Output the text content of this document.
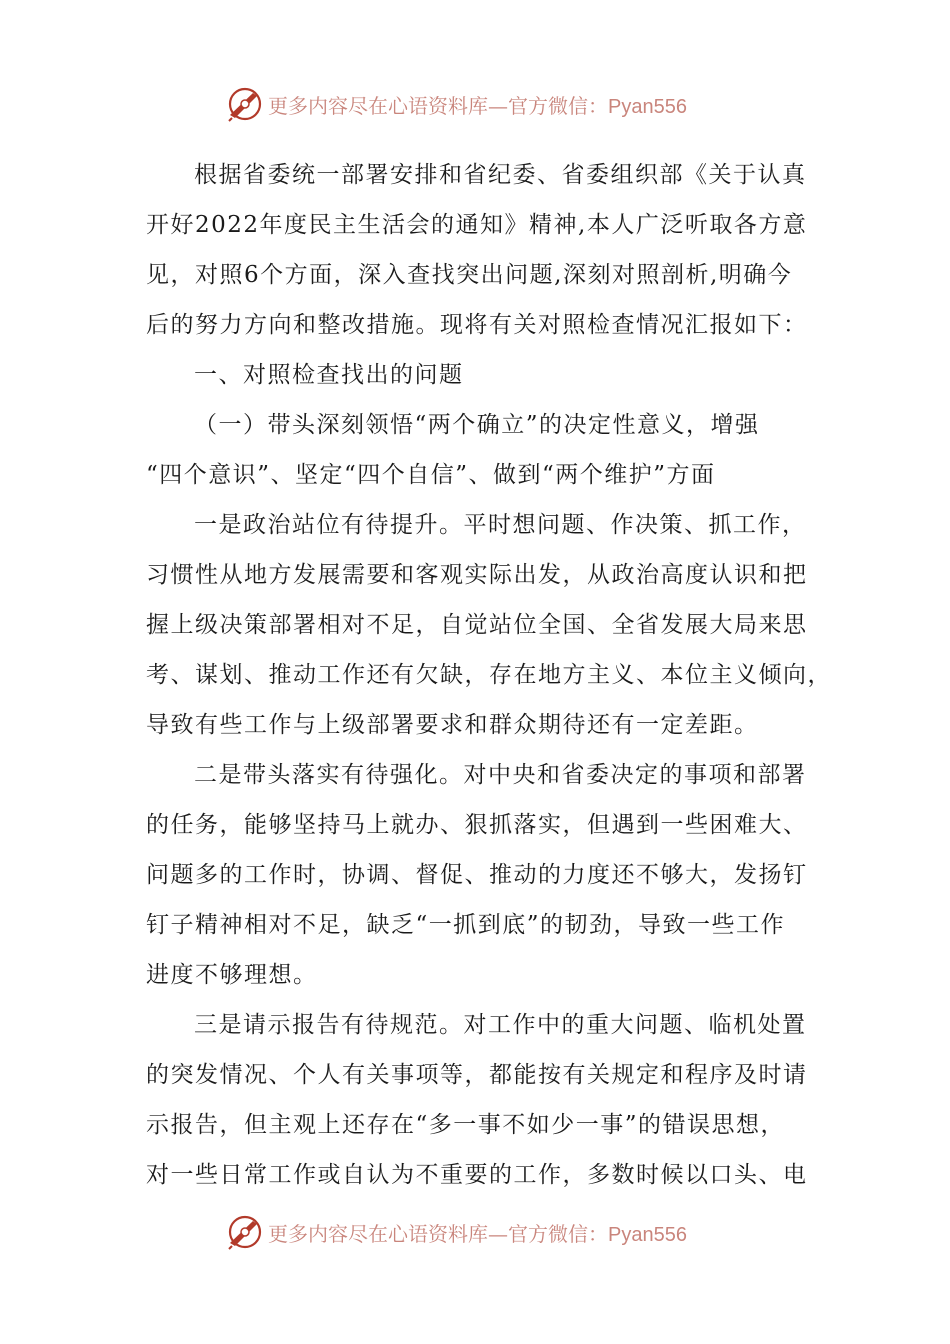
更多内容尽在心语资料库—官方微信：Pyan556
根据省委统一部署安排和省纪委、省委组织部《关于认真
开好2022年度民主生活会的通知》精神,本人广泛听取各方意
见，对照6个方面，深入查找突出问题,深刻对照剖析,明确今
后的努力方向和整改措施。现将有关对照检查情况汇报如下：
一、对照检查找出的问题
（一）带头深刻领悟“两个确立”的决定性意义，增强
“四个意识”、坚定“四个自信”、做到“两个维护”方面
一是政治站位有待提升。平时想问题、作决策、抓工作，
习惯性从地方发展需要和客观实际出发，从政治高度认识和把
握上级决策部署相对不足，自觉站位全国、全省发展大局来思
考、谋划、推动工作还有欠缺，存在地方主义、本位主义倾向，
导致有些工作与上级部署要求和群众期待还有一定差距。
二是带头落实有待强化。对中央和省委决定的事项和部署
的任务，能够坚持马上就办、狠抓落实，但遇到一些困难大、
问题多的工作时，协调、督促、推动的力度还不够大，发扬钉
钉子精神相对不足，缺乏“一抓到底”的韧劲，导致一些工作
进度不够理想。
三是请示报告有待规范。对工作中的重大问题、临机处置
的突发情况、个人有关事项等，都能按有关规定和程序及时请
示报告，但主观上还存在“多一事不如少一事”的错误思想，
对一些日常工作或自认为不重要的工作，多数时候以口头、电
更多内容尽在心语资料库—官方微信：Pyan556
